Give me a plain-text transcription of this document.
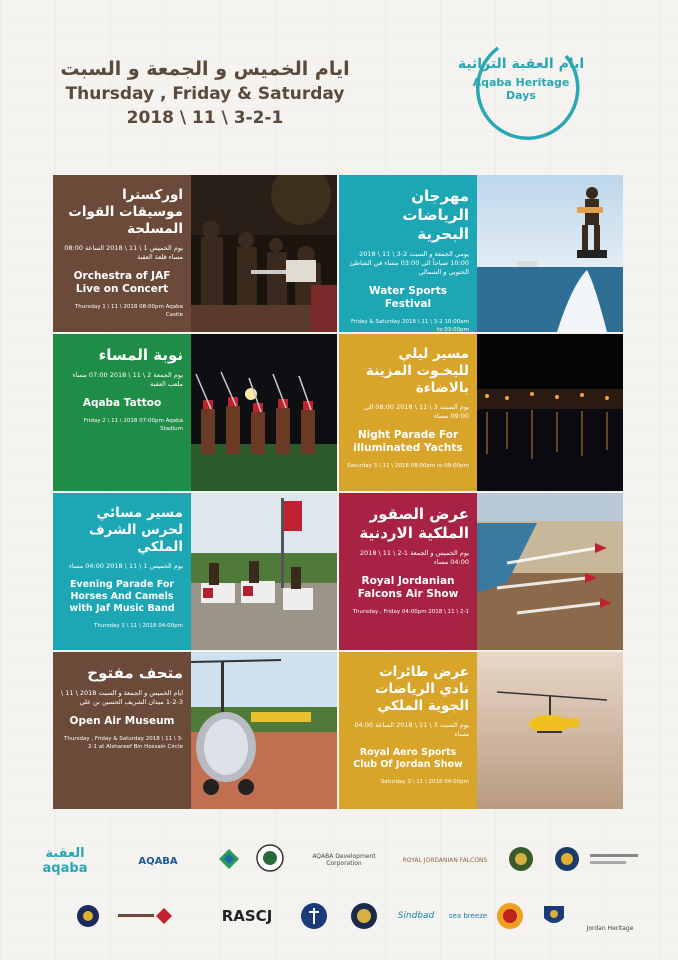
ايام الخميس و الجمعة و السبت
Thursday , Friday & Saturday
2018 \ 11 \ 3-2-1
ايام العقبة التراثية
Aqaba Heritage Days
اوركسترا موسيقات القوات المسلحة
يوم الخميس 1 \ 11 \ 2018 الساعة 08:00 مساء قلعة العقبة
Orchestra of JAF Live on Concert
Thursday 1 \ 11 \ 2018 08:00pm Aqaba Castle
مهرجان الرياضات البحرية
يومي الجمعة و السبت 2-3 \ 11 \ 2018 10:00 صباحاً الى 03:00 مساء في الشاطئ الجنوبي و الشمالي
Water Sports Festival
Friday & Saturday 2018 \ 11 \ 3-2 10:00am to 03:00pm
نوبة المساء
يوم الجمعة 2 \ 11 \ 2018 07:00 مساء ملعب العقبة
Aqaba Tattoo
Friday 2 \ 11 \ 2018 07:00pm Aqaba Stadium
مسير ليلي لليخـوت المزينة بالاضاءة
يوم السبت 3 \ 11 \ 2018 08:00 الى 09:00 مساء
Night Parade For illuminated Yachts
Saturday 3 \ 11 \ 2018 08:00pm to 09:00pm
مسير مسائي لحرس الشرف الملكي
يوم الخميس 1 \ 11 \ 2018 04:00 مساء
Evening Parade For Horses And Camels with Jaf Music Band
Thursday 1 \ 11 \ 2018 04:00pm
عرض الصقور الملكية الاردنية
يوم الخميس و الجمعة 1-2 \ 11 \ 2018 04:00 مساء
Royal Jordanian Falcons Air Show
Thursday , Friday 04:00pm 2018 \ 11 \ 2-1
متحف مفتوح
ايام الخميس و الجمعة و السبت 2018 \ 11 \ 3-2-1 ميدان الشريف الحسين بن علي
Open Air Museum
Thursday , Friday & Saturday 2018 \ 11 \ 3-2-1 at Alshareef Bin Hossain Circle
عرض طائرات نادي الرياضات الجوية الملكي
يوم السبت 3 \ 11 \ 2018 الساعة 04:00 مساء
Royal Aero Sports Club Of Jordan Show
Saturday 3 \ 11 \ 2018 04:00pm
العقبة aqaba	AQABA	AQABA Development Corporation	ROYAL JORDANIAN FALCONS
RASCJ	Sindbad	sea breeze
Jordan Heritage
